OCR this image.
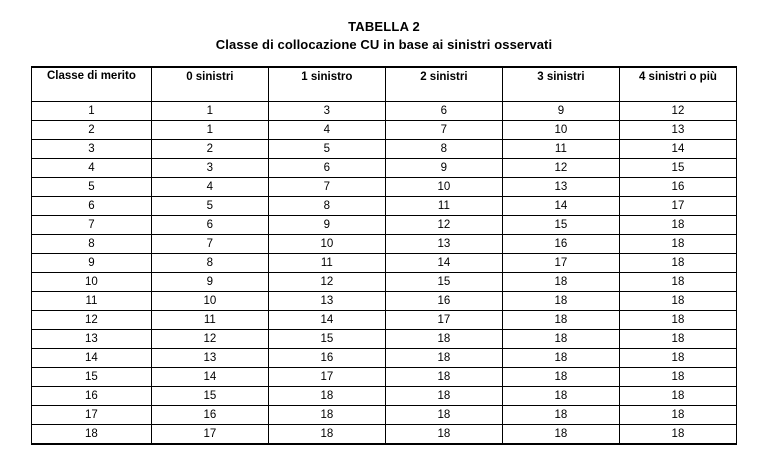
TABELLA 2
Classe di collocazione CU in base ai sinistri osservati
Classe di merito	0 sinistri	1 sinistro	2 sinistri	3 sinistri	4 sinistri o più
1	1	3	6	9	12
2	1	4	7	10	13
3	2	5	8	11	14
4	3	6	9	12	15
5	4	7	10	13	16
6	5	8	11	14	17
7	6	9	12	15	18
8	7	10	13	16	18
9	8	11	14	17	18
10	9	12	15	18	18
11	10	13	16	18	18
12	11	14	17	18	18
13	12	15	18	18	18
14	13	16	18	18	18
15	14	17	18	18	18
16	15	18	18	18	18
17	16	18	18	18	18
18	17	18	18	18	18
